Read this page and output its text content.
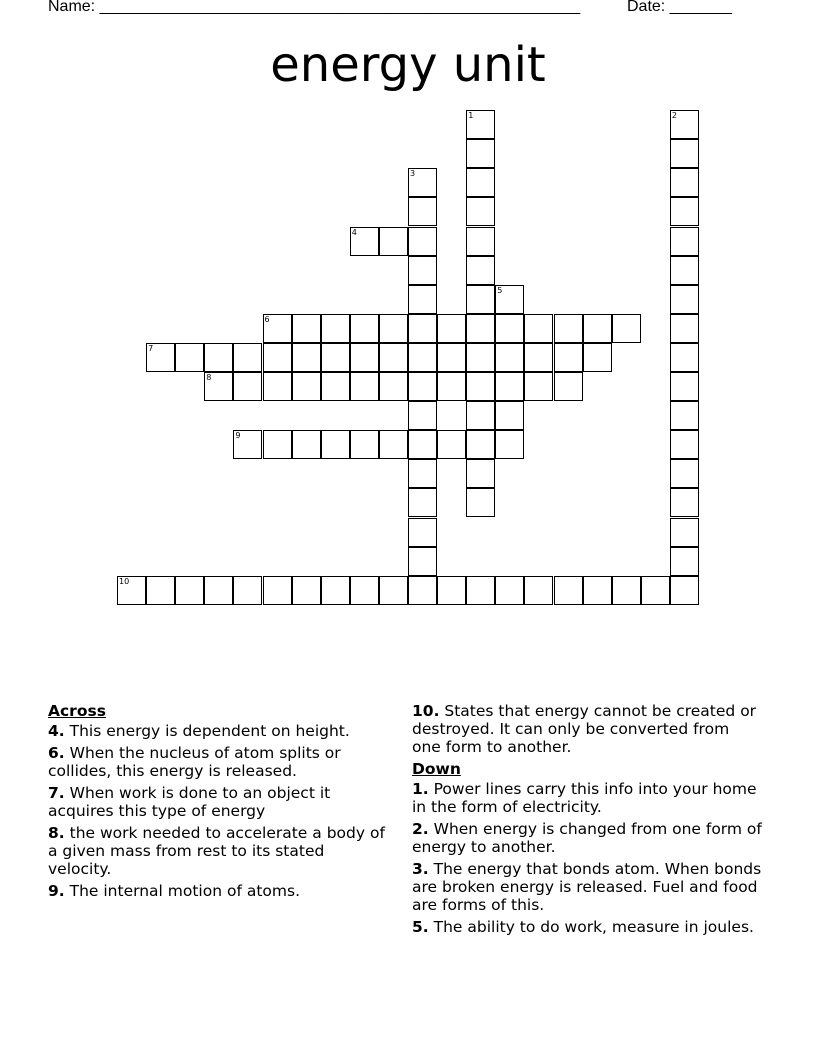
Name: ______________________________________________________	Date: _______
energy unit
1	2
3
4
5
6
7
8
9
10
Across
4. This energy is dependent on height.
6. When the nucleus of atom splits or collides, this energy is released.
7. When work is done to an object it acquires this type of energy
8. the work needed to accelerate a body of a given mass from rest to its stated velocity.
9. The internal motion of atoms.
10. States that energy cannot be created or destroyed. It can only be converted from one form to another.
Down
1. Power lines carry this info into your home in the form of electricity.
2. When energy is changed from one form of energy to another.
3. The energy that bonds atom. When bonds are broken energy is released. Fuel and food are forms of this.
5. The ability to do work, measure in joules.
